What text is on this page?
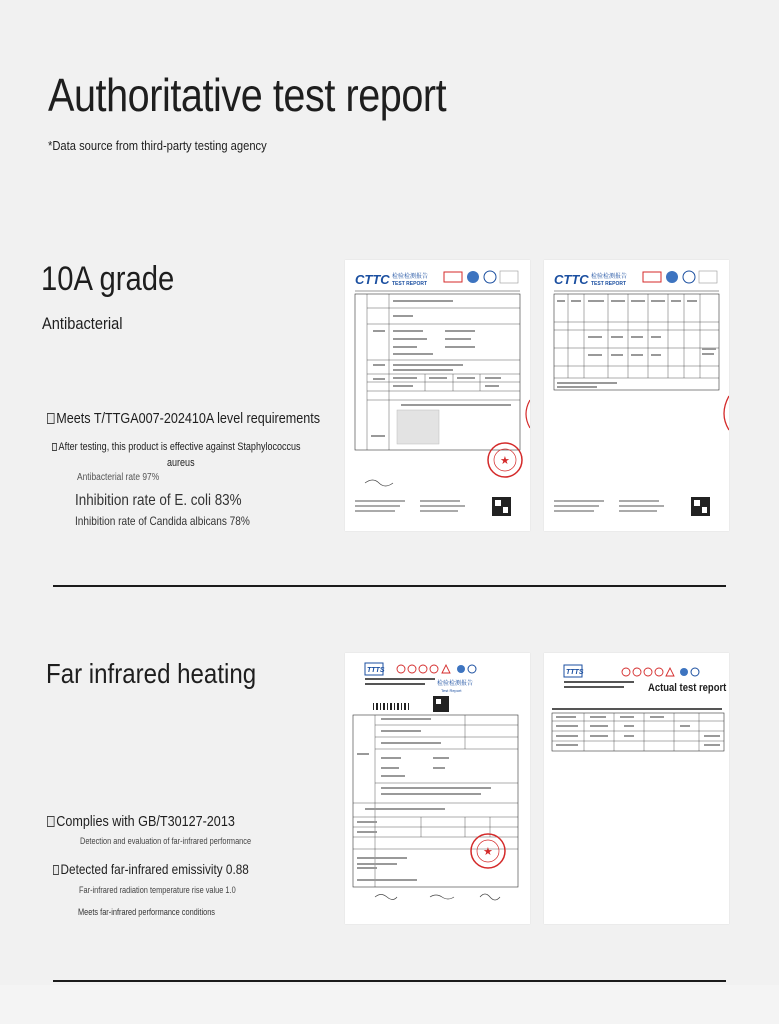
Authoritative test report
*Data source from third-party testing agency
10A grade
Antibacterial
Meets T/TTGA007-202410A level requirements
After testing, this product is effective against Staphylococcus
aureus
Antibacterial rate 97%
Inhibition rate of E. coli 83%
Inhibition rate of Candida albicans 78%
CTTC 检验检测报告
TEST REPORT
★
CTTC 检验检测报告
TEST REPORT
Far infrared heating
Complies with GB/T30127-2013
Detection and evaluation of far-infrared performance
Detected far-infrared emissivity 0.88
Far-infrared radiation temperature rise value 1.0
Meets far-infrared performance conditions
TTTS
检验检测报告
Test Report
★
TTTS
Actual test report
